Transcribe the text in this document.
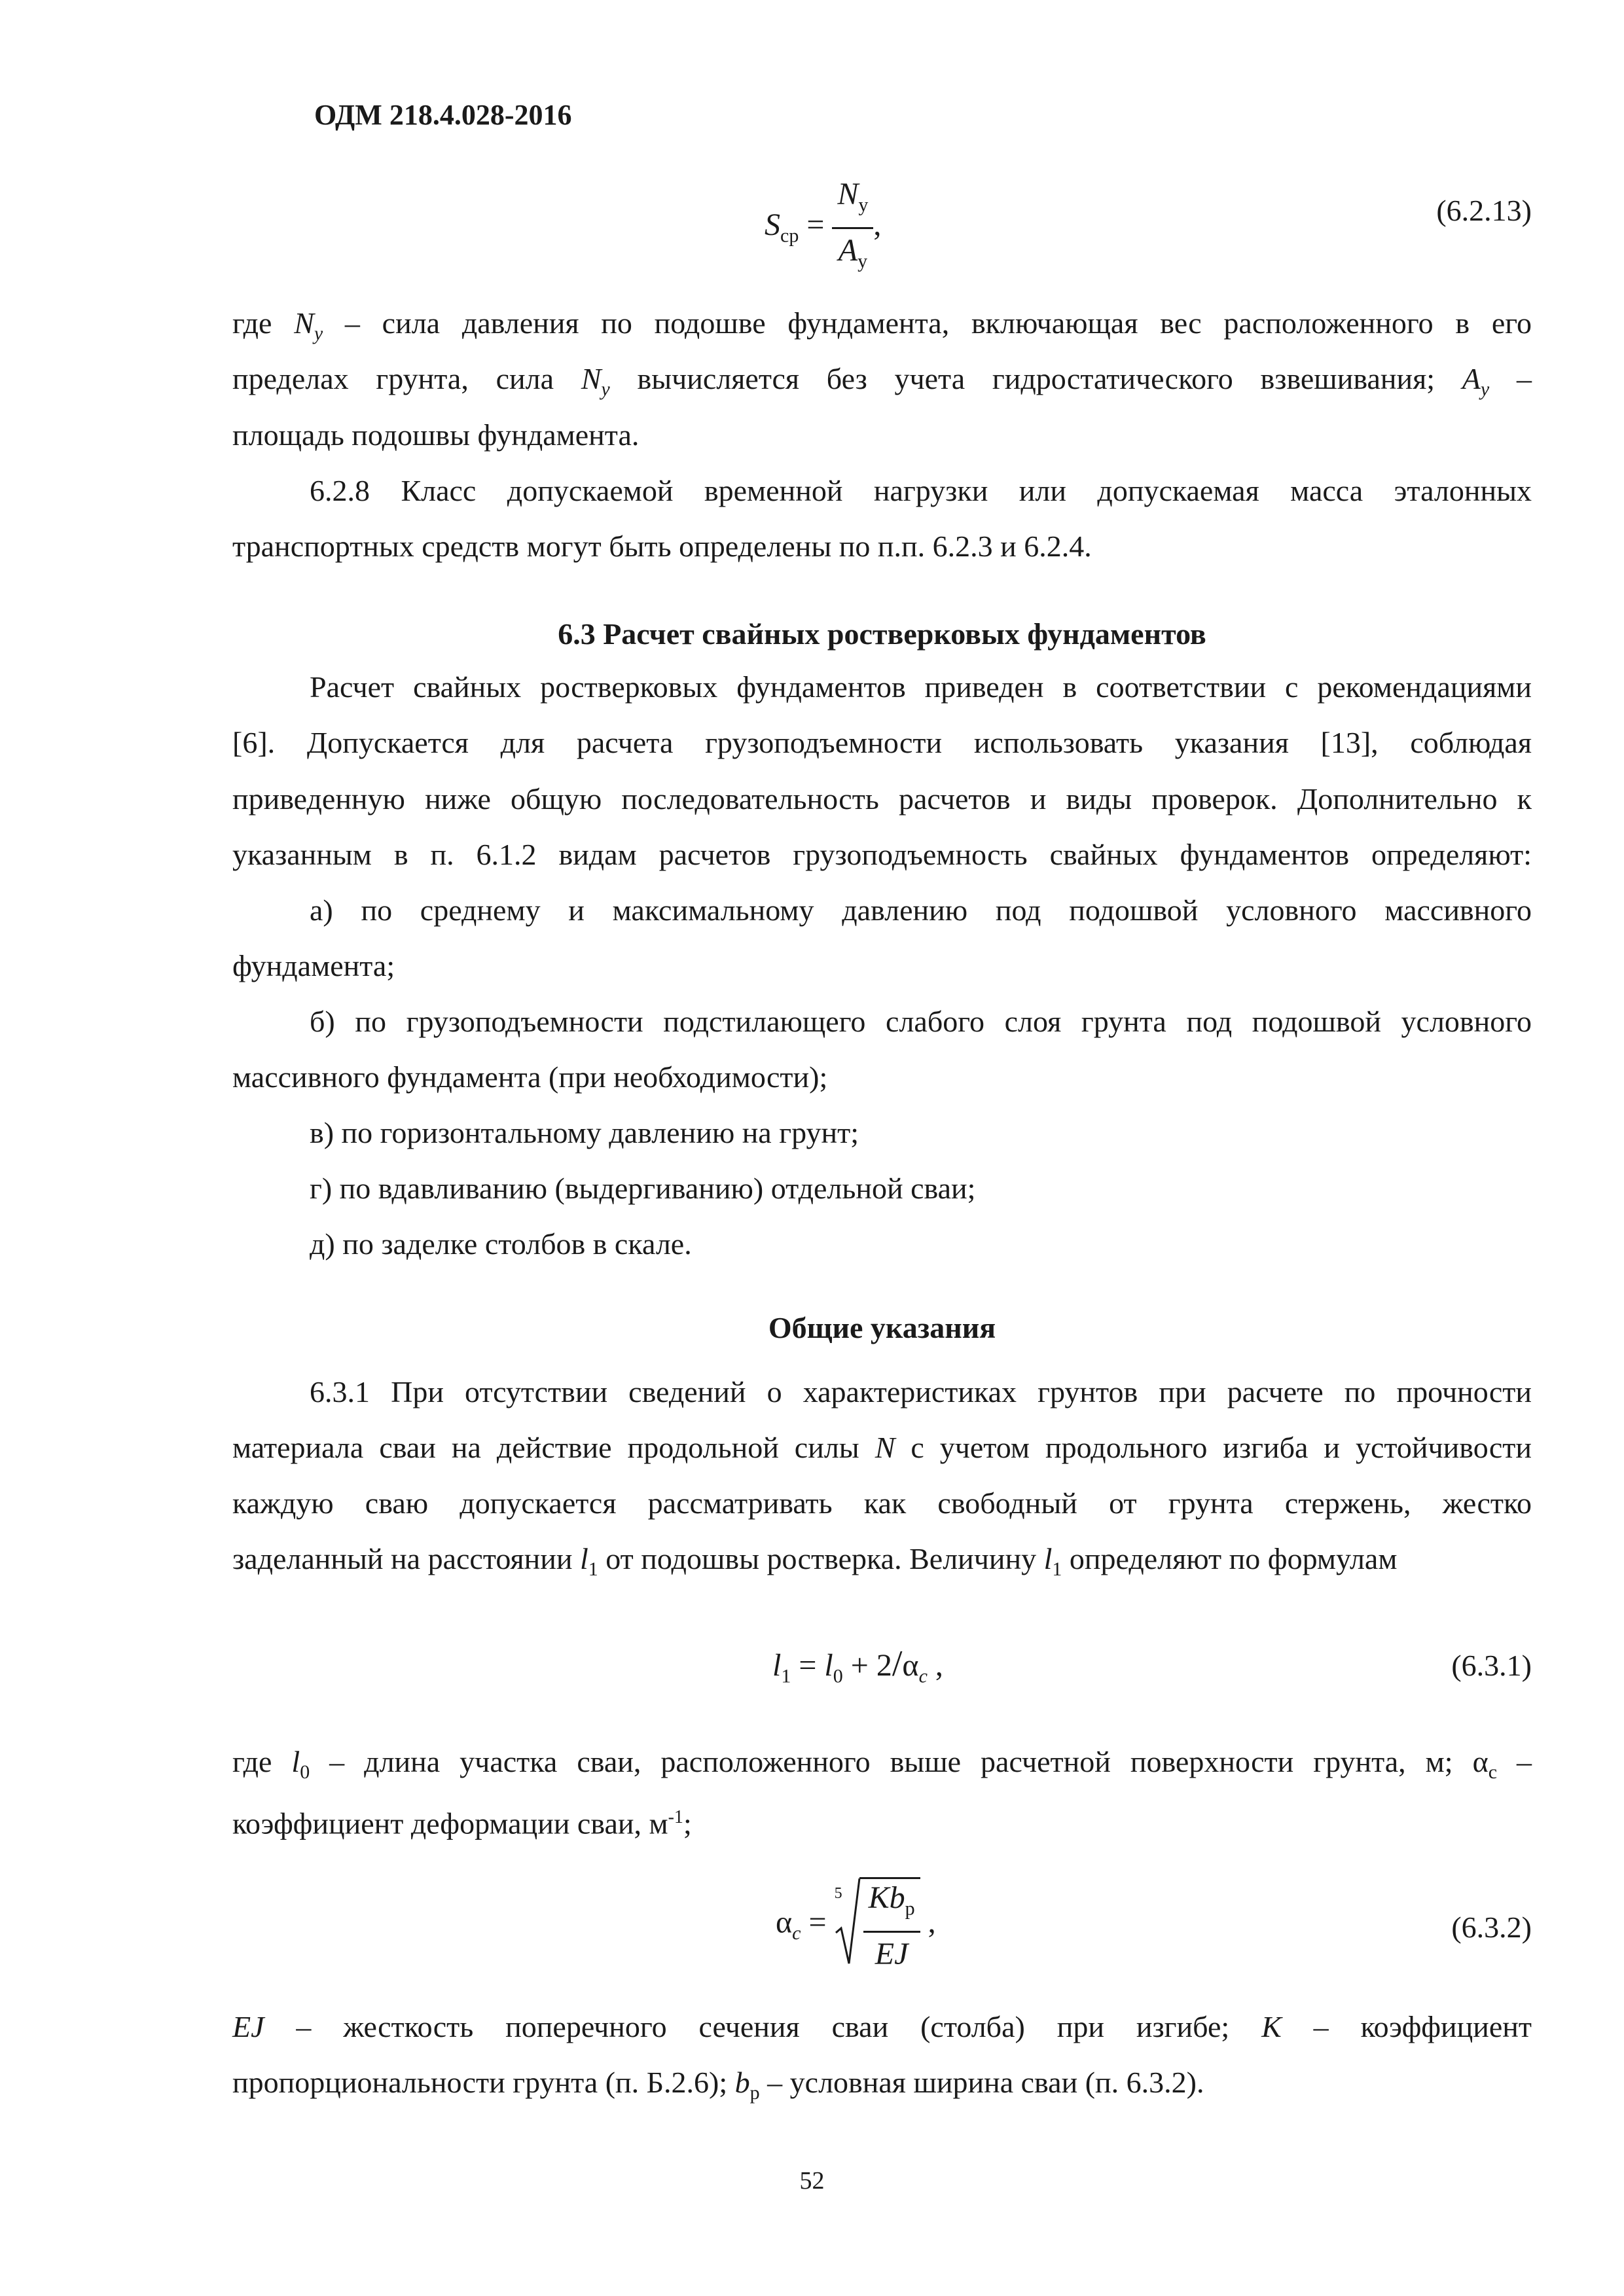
ОДМ 218.4.028-2016
$S_{ср} = \frac{N_у}{A_у}$ ,	(6.2.13)
где $N_y$ – сила давления по подошве фундамента, включающая вес расположенного в его
пределах грунта, сила $N_y$ вычисляется без учета гидростатического взвешивания; $A_y$ –
площадь подошвы фундамента.
6.2.8 Класс допускаемой временной нагрузки или допускаемая масса эталонных
транспортных средств могут быть определены по п.п. 6.2.3 и 6.2.4.
6.3 Расчет свайных ростверковых фундаментов
Расчет свайных ростверковых фундаментов приведен в соответствии с рекомендациями
[6]. Допускается для расчета грузоподъемности использовать указания [13], соблюдая
приведенную ниже общую последовательность расчетов и виды проверок. Дополнительно к
указанным в п. 6.1.2 видам расчетов грузоподъемность свайных фундаментов определяют:
а) по среднему и максимальному давлению под подошвой условного массивного
фундамента;
б) по грузоподъемности подстилающего слабого слоя грунта под подошвой условного
массивного фундамента (при необходимости);
в) по горизонтальному давлению на грунт;
г) по вдавливанию (выдергиванию) отдельной сваи;
д) по заделке столбов в скале.
Общие указания
6.3.1 При отсутствии сведений о характеристиках грунтов при расчете по прочности
материала сваи на действие продольной силы N с учетом продольного изгиба и устойчивости
каждую сваю допускается рассматривать как свободный от грунта стержень, жестко
заделанный на расстоянии $l_1$ от подошвы ростверка. Величину $l_1$ определяют по формулам
$l_1 = l_0 + 2/\alpha_c$ ,	(6.3.1)
где $l_0$ – длина участка сваи, расположенного выше расчетной поверхности грунта, м; $\alpha_c$ –
коэффициент деформации сваи, $м^{-1}$;
$\alpha_c$ =
$5 \frac{Kb_р}{EJ}$ ,	(6.3.2)
EJ – жесткость поперечного сечения сваи (столба) при изгибе; K – коэффициент
пропорциональности грунта (п. Б.2.6); $b_р$ – условная ширина сваи (п. 6.3.2).
52
